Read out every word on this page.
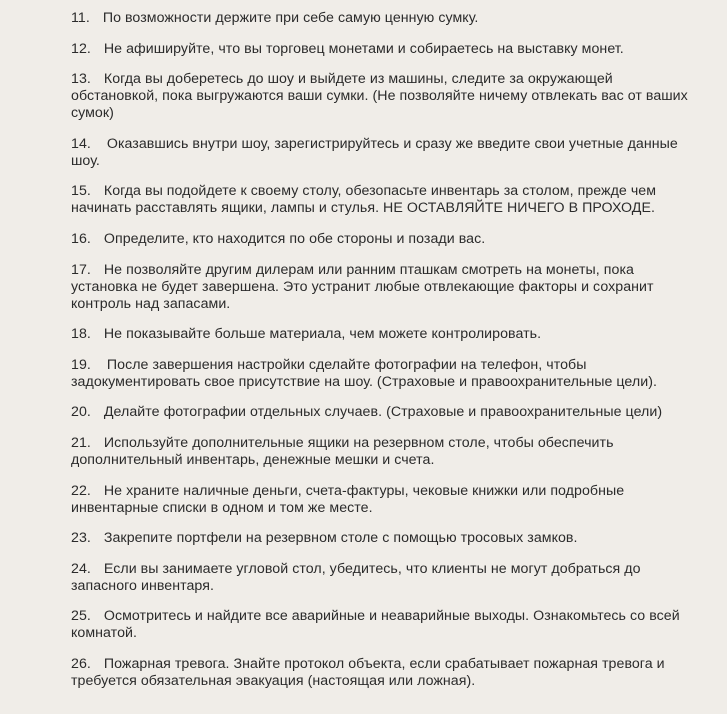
11. По возможности держите при себе самую ценную сумку.
12. Не афишируйте, что вы торговец монетами и собираетесь на выставку монет.
13. Когда вы доберетесь до шоу и выйдете из машины, следите за окружающей обстановкой, пока выгружаются ваши сумки. (Не позволяйте ничему отвлекать вас от ваших сумок)
14. Оказавшись внутри шоу, зарегистрируйтесь и сразу же введите свои учетные данные шоу.
15. Когда вы подойдете к своему столу, обезопасьте инвентарь за столом, прежде чем начинать расставлять ящики, лампы и стулья. НЕ ОСТАВЛЯЙТЕ НИЧЕГО В ПРОХОДЕ.
16. Определите, кто находится по обе стороны и позади вас.
17. Не позволяйте другим дилерам или ранним пташкам смотреть на монеты, пока установка не будет завершена. Это устранит любые отвлекающие факторы и сохранит контроль над запасами.
18. Не показывайте больше материала, чем можете контролировать.
19. После завершения настройки сделайте фотографии на телефон, чтобы задокументировать свое присутствие на шоу. (Страховые и правоохранительные цели).
20. Делайте фотографии отдельных случаев. (Страховые и правоохранительные цели)
21. Используйте дополнительные ящики на резервном столе, чтобы обеспечить дополнительный инвентарь, денежные мешки и счета.
22. Не храните наличные деньги, счета-фактуры, чековые книжки или подробные инвентарные списки в одном и том же месте.
23. Закрепите портфели на резервном столе с помощью тросовых замков.
24. Если вы занимаете угловой стол, убедитесь, что клиенты не могут добраться до запасного инвентаря.
25. Осмотритесь и найдите все аварийные и неаварийные выходы. Ознакомьтесь со всей комнатой.
26. Пожарная тревога. Знайте протокол объекта, если срабатывает пожарная тревога и требуется обязательная эвакуация (настоящая или ложная).
